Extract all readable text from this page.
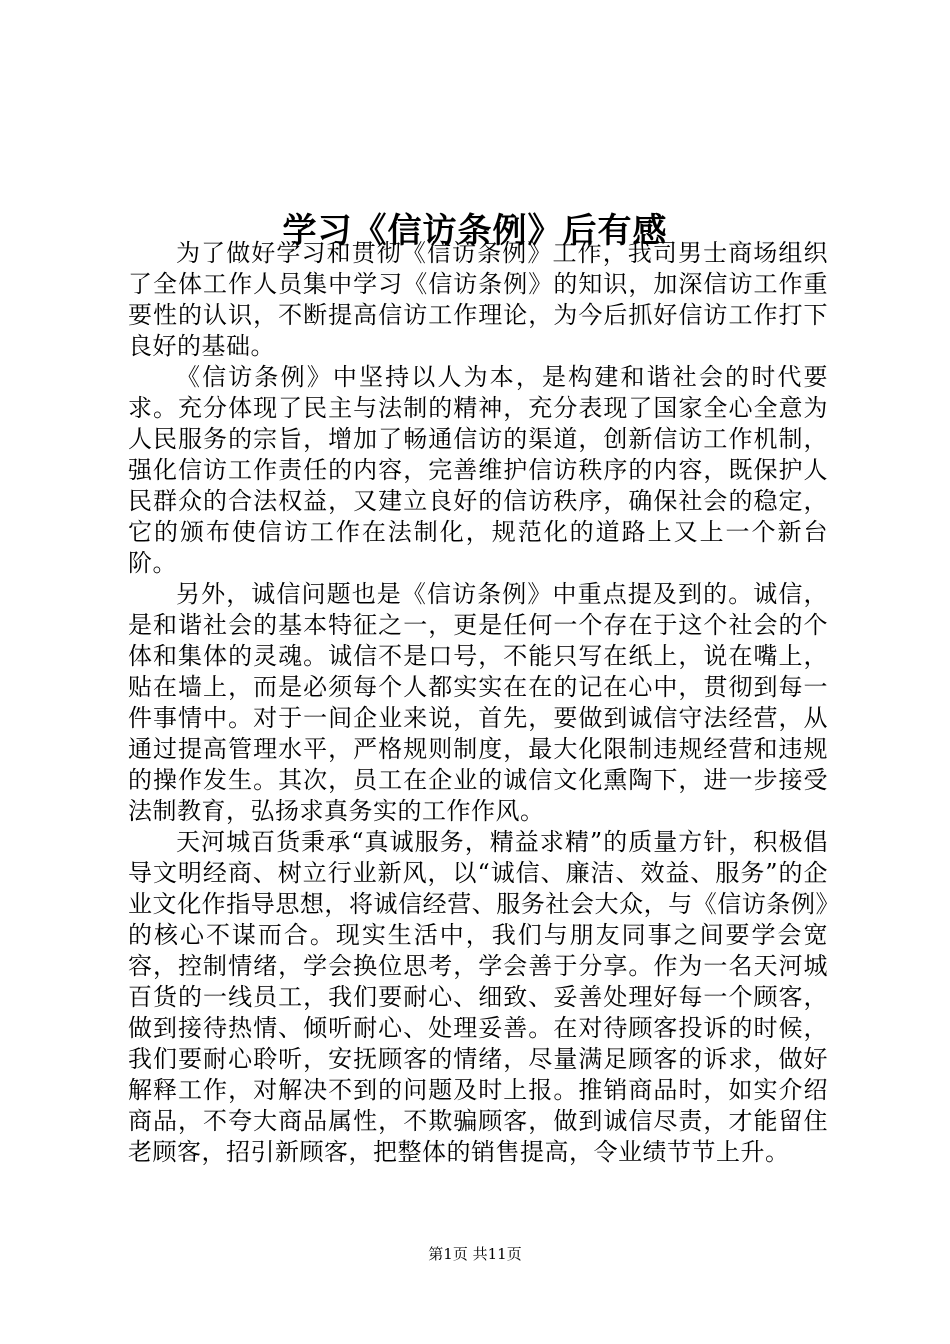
学习《信访条例》后有感

为了做好学习和贯彻《信访条例》工作，我司男士商场组织了全体工作人员集中学习《信访条例》的知识，加深信访工作重要性的认识，不断提高信访工作理论，为今后抓好信访工作打下良好的基础。

《信访条例》中坚持以人为本，是构建和谐社会的时代要求。充分体现了民主与法制的精神，充分表现了国家全心全意为人民服务的宗旨，增加了畅通信访的渠道，创新信访工作机制，强化信访工作责任的内容，完善维护信访秩序的内容，既保护人民群众的合法权益，又建立良好的信访秩序，确保社会的稳定，它的颁布使信访工作在法制化，规范化的道路上又上一个新台阶。

另外，诚信问题也是《信访条例》中重点提及到的。诚信，是和谐社会的基本特征之一，更是任何一个存在于这个社会的个体和集体的灵魂。诚信不是口号，不能只写在纸上，说在嘴上，贴在墙上，而是必须每个人都实实在在的记在心中，贯彻到每一件事情中。对于一间企业来说，首先，要做到诚信守法经营，从通过提高管理水平，严格规则制度，最大化限制违规经营和违规的操作发生。其次，员工在企业的诚信文化熏陶下，进一步接受法制教育，弘扬求真务实的工作作风。

天河城百货秉承“真诚服务，精益求精”的质量方针，积极倡导文明经商、树立行业新风，以“诚信、廉洁、效益、服务”的企业文化作指导思想，将诚信经营、服务社会大众，与《信访条例》的核心不谋而合。现实生活中，我们与朋友同事之间要学会宽容，控制情绪，学会换位思考，学会善于分享。作为一名天河城百货的一线员工，我们要耐心、细致、妥善处理好每一个顾客，做到接待热情、倾听耐心、处理妥善。在对待顾客投诉的时候，我们要耐心聆听，安抚顾客的情绪，尽量满足顾客的诉求，做好解释工作，对解决不到的问题及时上报。推销商品时，如实介绍商品，不夸大商品属性，不欺骗顾客，做到诚信尽责，才能留住老顾客，招引新顾客，把整体的销售提高，令业绩节节上升。

第1页 共11页
